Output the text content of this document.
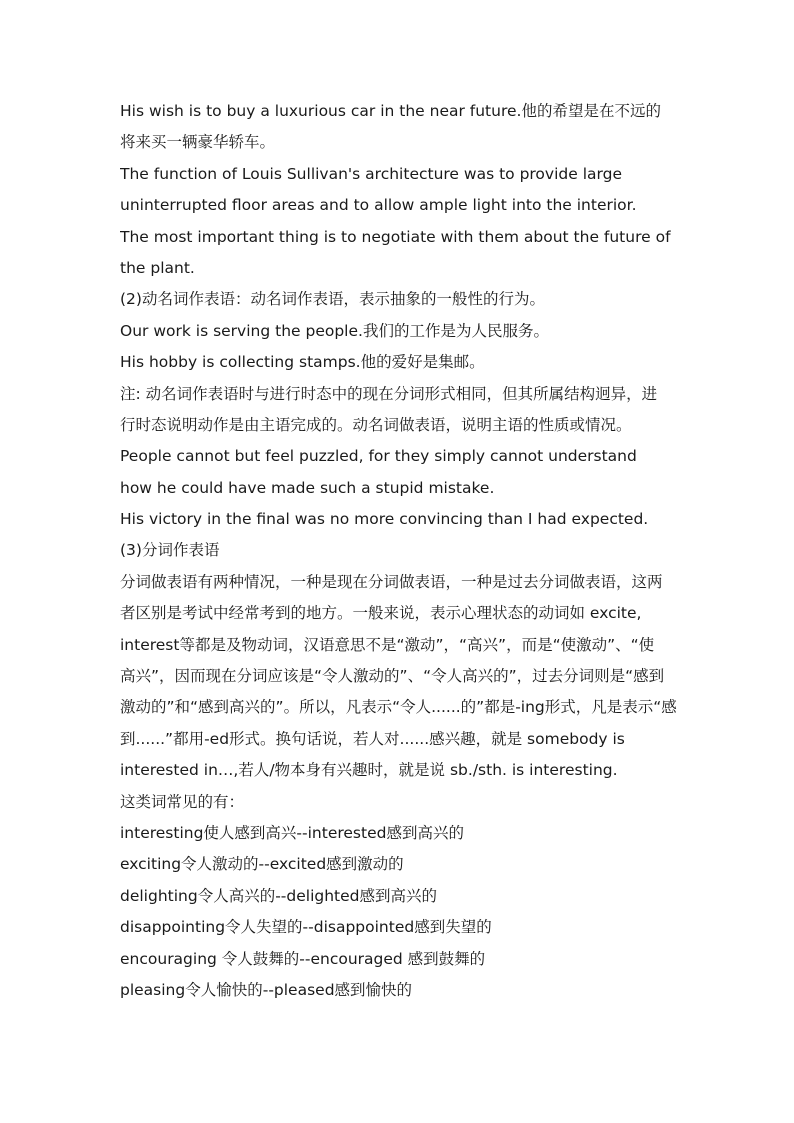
His wish is to buy a luxurious car in the near future.他的希望是在不远的
将来买一辆豪华轿车。
The function of Louis Sullivan's architecture was to provide large
uninterrupted floor areas and to allow ample light into the interior.
The most important thing is to negotiate with them about the future of
the plant.
(2)动名词作表语：动名词作表语，表示抽象的一般性的行为。
Our work is serving the people.我们的工作是为人民服务。
His hobby is collecting stamps.他的爱好是集邮。
注: 动名词作表语时与进行时态中的现在分词形式相同，但其所属结构迥异，进
行时态说明动作是由主语完成的。动名词做表语，说明主语的性质或情况。
People cannot but feel puzzled, for they simply cannot understand
how he could have made such a stupid mistake.
His victory in the final was no more convincing than I had expected.
(3)分词作表语
分词做表语有两种情况，一种是现在分词做表语，一种是过去分词做表语，这两
者区别是考试中经常考到的地方。一般来说，表示心理状态的动词如 excite,
interest等都是及物动词，汉语意思不是“激动”，“高兴”，而是“使激动”、“使
高兴”，因而现在分词应该是“令人激动的”、“令人高兴的”，过去分词则是“感到
激动的”和“感到高兴的”。所以，凡表示“令人......的”都是-ing形式，凡是表示“感
到......”都用-ed形式。换句话说，若人对......感兴趣，就是 somebody is
interested in…,若人/物本身有兴趣时，就是说 sb./sth. is interesting.
这类词常见的有：
interesting使人感到高兴--interested感到高兴的
exciting令人激动的--excited感到激动的
delighting令人高兴的--delighted感到高兴的
disappointing令人失望的--disappointed感到失望的
encouraging 令人鼓舞的--encouraged 感到鼓舞的
pleasing令人愉快的--pleased感到愉快的
